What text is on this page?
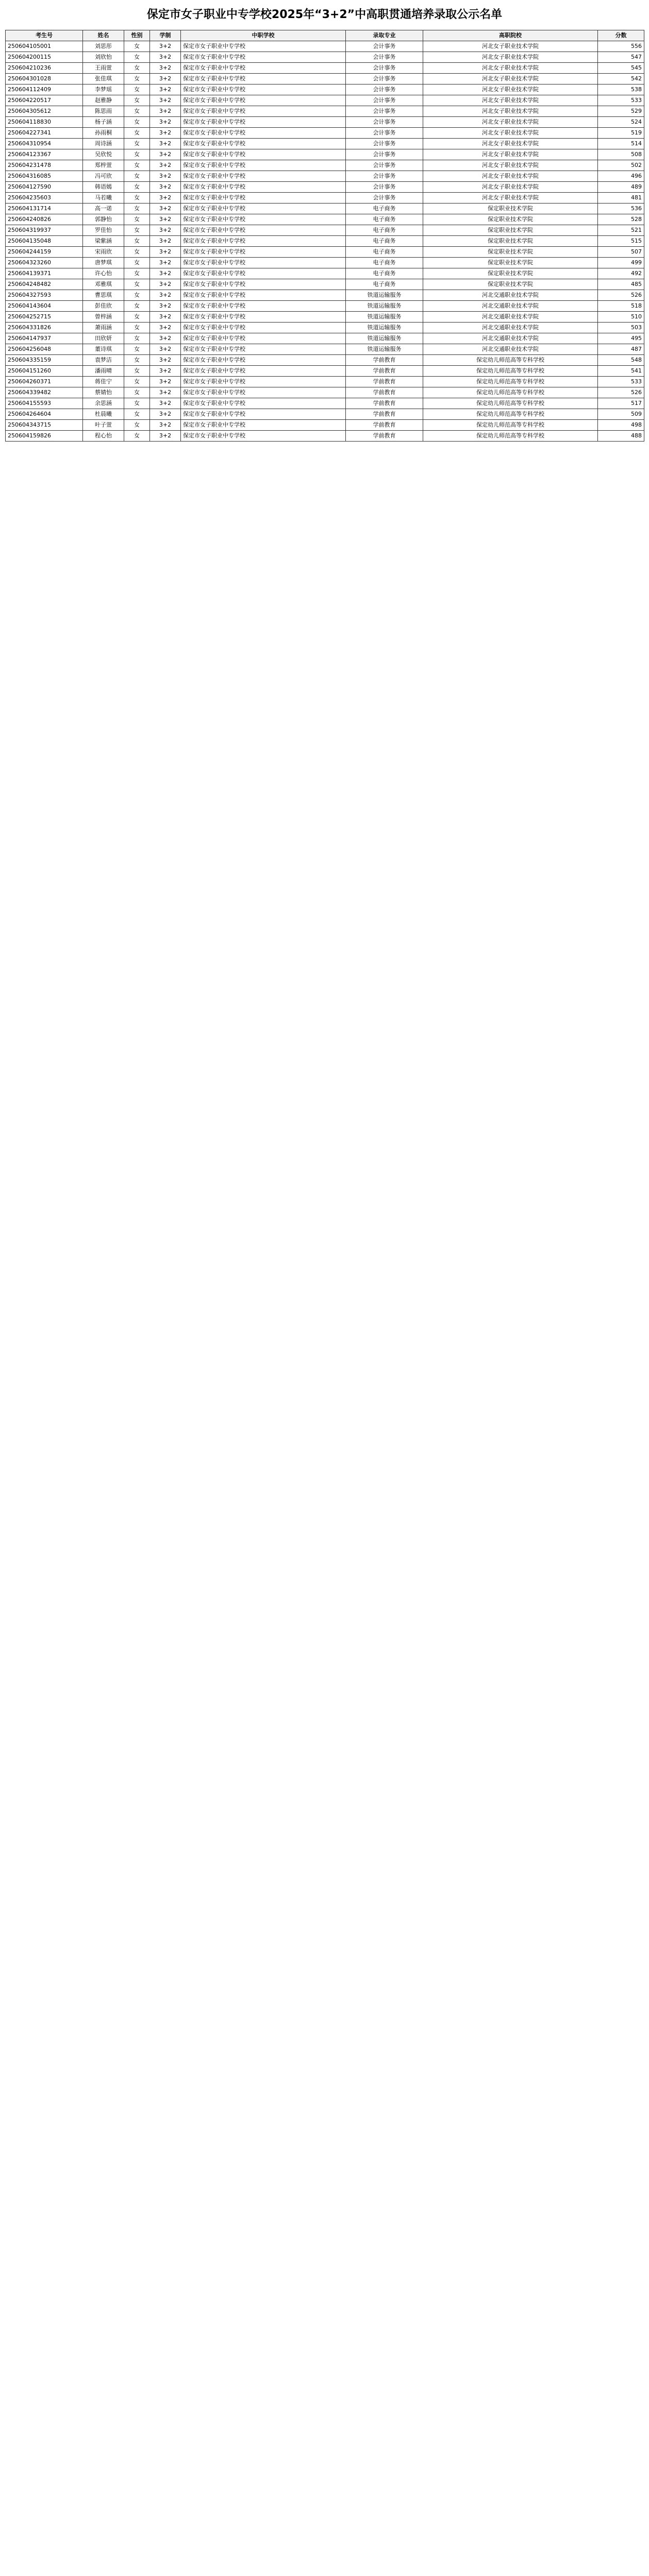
保定市女子职业中专学校2025年“3+2”中高职贯通培养录取公示名单
考生号	姓名	性别	学制	中职学校	录取专业	高职院校	分数
250604105001	刘思彤	女	3+2	保定市女子职业中专学校	会计事务	河北女子职业技术学院	556
250604200115	刘欣怡	女	3+2	保定市女子职业中专学校	会计事务	河北女子职业技术学院	547
250604210236	王雨萱	女	3+2	保定市女子职业中专学校	会计事务	河北女子职业技术学院	545
250604301028	张佳琪	女	3+2	保定市女子职业中专学校	会计事务	河北女子职业技术学院	542
250604112409	李梦瑶	女	3+2	保定市女子职业中专学校	会计事务	河北女子职业技术学院	538
250604220517	赵雅静	女	3+2	保定市女子职业中专学校	会计事务	河北女子职业技术学院	533
250604305612	陈思雨	女	3+2	保定市女子职业中专学校	会计事务	河北女子职业技术学院	529
250604118830	杨子涵	女	3+2	保定市女子职业中专学校	会计事务	河北女子职业技术学院	524
250604227341	孙雨桐	女	3+2	保定市女子职业中专学校	会计事务	河北女子职业技术学院	519
250604310954	周诗涵	女	3+2	保定市女子职业中专学校	会计事务	河北女子职业技术学院	514
250604123367	吴欣悦	女	3+2	保定市女子职业中专学校	会计事务	河北女子职业技术学院	508
250604231478	郑梓萱	女	3+2	保定市女子职业中专学校	会计事务	河北女子职业技术学院	502
250604316085	冯可欣	女	3+2	保定市女子职业中专学校	会计事务	河北女子职业技术学院	496
250604127590	韩语嫣	女	3+2	保定市女子职业中专学校	会计事务	河北女子职业技术学院	489
250604235603	马若曦	女	3+2	保定市女子职业中专学校	会计事务	河北女子职业技术学院	481
250604131714	高一诺	女	3+2	保定市女子职业中专学校	电子商务	保定职业技术学院	536
250604240826	郭静怡	女	3+2	保定市女子职业中专学校	电子商务	保定职业技术学院	528
250604319937	罗佳怡	女	3+2	保定市女子职业中专学校	电子商务	保定职业技术学院	521
250604135048	梁紫涵	女	3+2	保定市女子职业中专学校	电子商务	保定职业技术学院	515
250604244159	宋雨欣	女	3+2	保定市女子职业中专学校	电子商务	保定职业技术学院	507
250604323260	唐梦琪	女	3+2	保定市女子职业中专学校	电子商务	保定职业技术学院	499
250604139371	许心怡	女	3+2	保定市女子职业中专学校	电子商务	保定职业技术学院	492
250604248482	邓雅琪	女	3+2	保定市女子职业中专学校	电子商务	保定职业技术学院	485
250604327593	曹思琪	女	3+2	保定市女子职业中专学校	铁道运输服务	河北交通职业技术学院	526
250604143604	彭佳欣	女	3+2	保定市女子职业中专学校	铁道运输服务	河北交通职业技术学院	518
250604252715	曾梓涵	女	3+2	保定市女子职业中专学校	铁道运输服务	河北交通职业技术学院	510
250604331826	萧雨涵	女	3+2	保定市女子职业中专学校	铁道运输服务	河北交通职业技术学院	503
250604147937	田欣妍	女	3+2	保定市女子职业中专学校	铁道运输服务	河北交通职业技术学院	495
250604256048	董诗琪	女	3+2	保定市女子职业中专学校	铁道运输服务	河北交通职业技术学院	487
250604335159	袁梦洁	女	3+2	保定市女子职业中专学校	学前教育	保定幼儿师范高等专科学校	548
250604151260	潘雨晴	女	3+2	保定市女子职业中专学校	学前教育	保定幼儿师范高等专科学校	541
250604260371	蒋佳宁	女	3+2	保定市女子职业中专学校	学前教育	保定幼儿师范高等专科学校	533
250604339482	蔡婧怡	女	3+2	保定市女子职业中专学校	学前教育	保定幼儿师范高等专科学校	526
250604155593	余思涵	女	3+2	保定市女子职业中专学校	学前教育	保定幼儿师范高等专科学校	517
250604264604	杜晨曦	女	3+2	保定市女子职业中专学校	学前教育	保定幼儿师范高等专科学校	509
250604343715	叶子萱	女	3+2	保定市女子职业中专学校	学前教育	保定幼儿师范高等专科学校	498
250604159826	程心怡	女	3+2	保定市女子职业中专学校	学前教育	保定幼儿师范高等专科学校	488
